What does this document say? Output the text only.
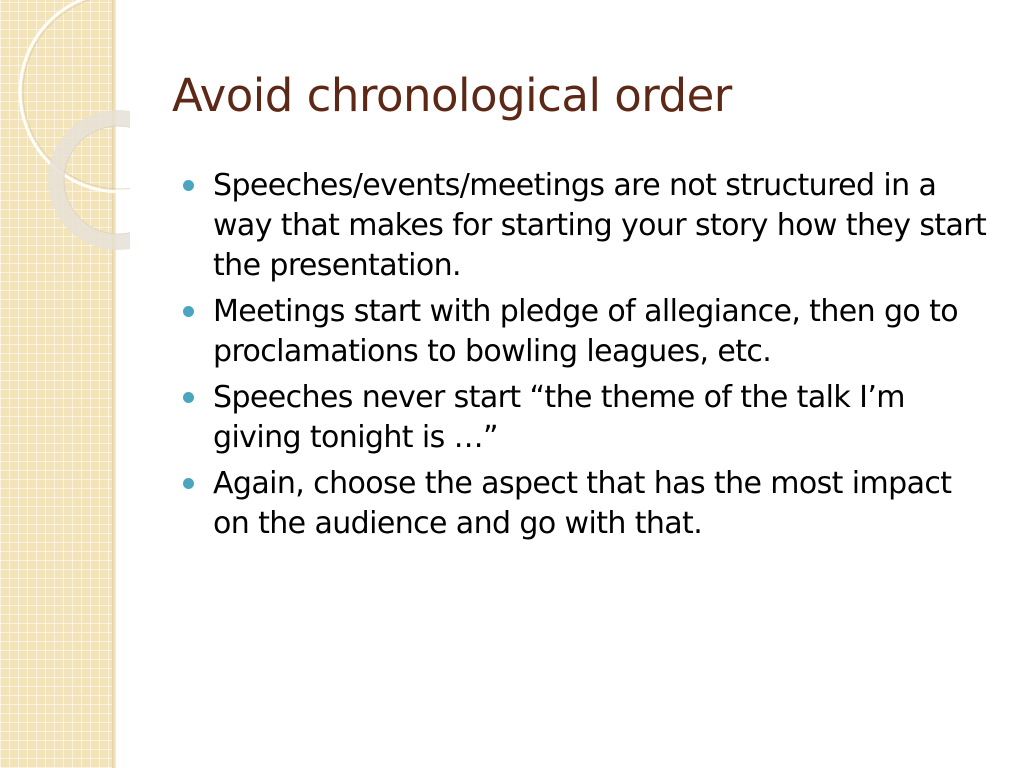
Avoid chronological order
Speeches/events/meetings are not structured in a way that makes for starting your story how they start the presentation.
Meetings start with pledge of allegiance, then go to proclamations to bowling leagues, etc.
Speeches never start “the theme of the talk I’m giving tonight is …”
Again, choose the aspect that has the most impact on the audience and go with that.
